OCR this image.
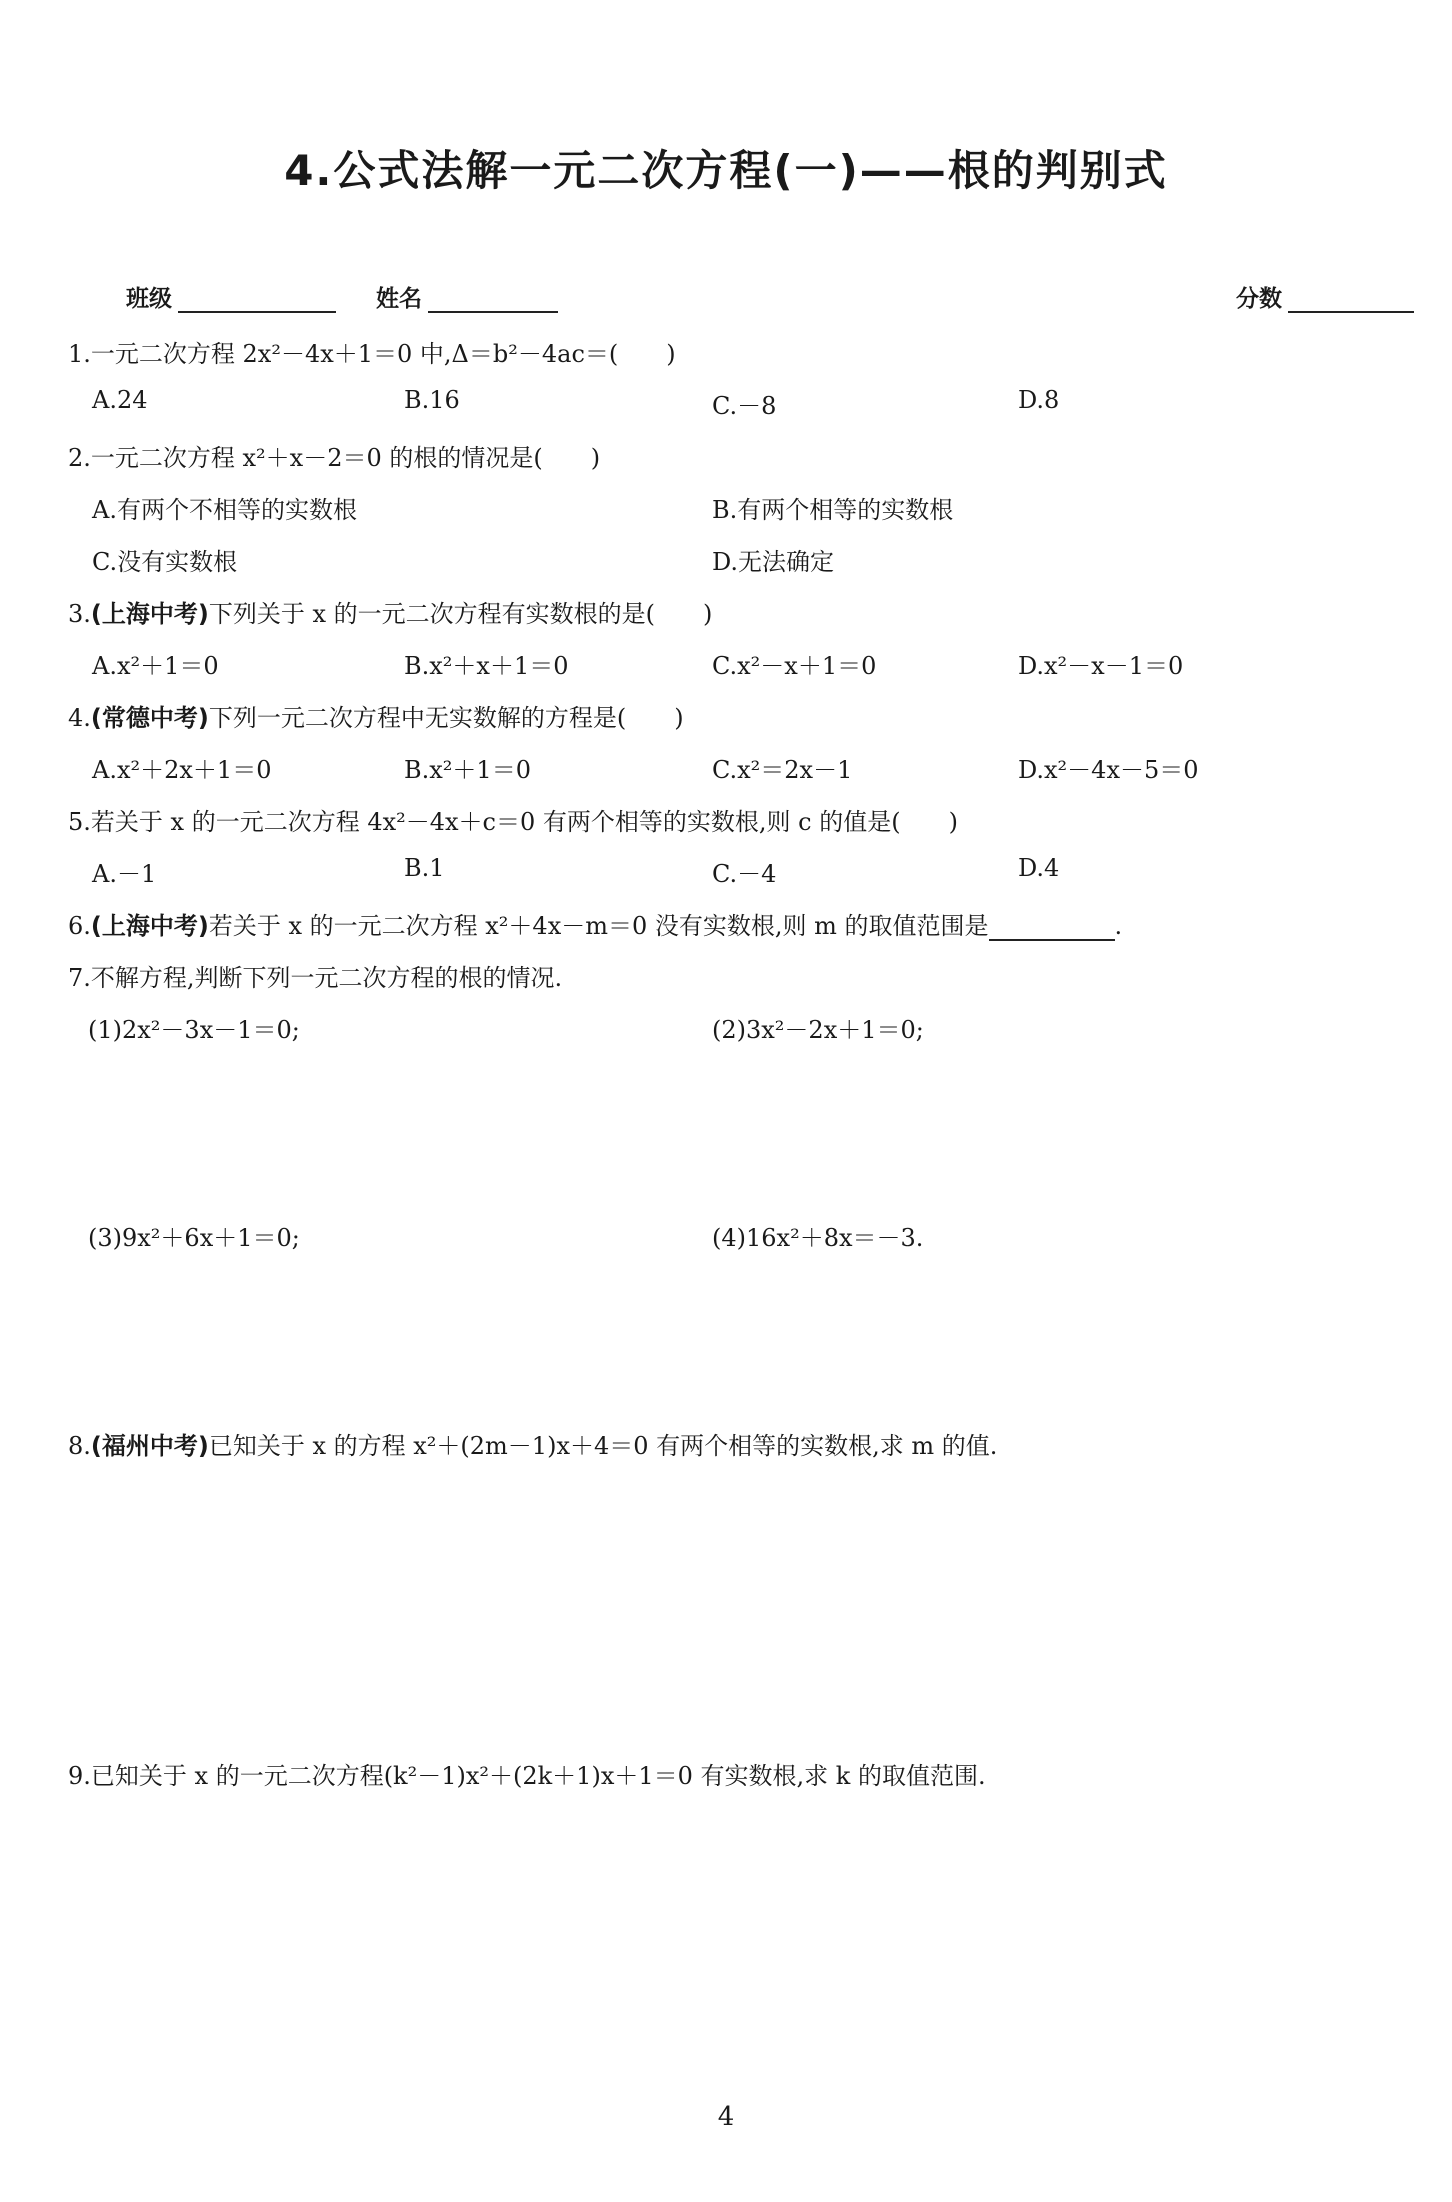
4.公式法解一元二次方程(一)——根的判别式
班级	姓名	分数
1.一元二次方程 2x²－4x＋1＝0 中,Δ＝b²－4ac＝(　　)
A.24	B.16	C.－8	D.8
2.一元二次方程 x²＋x－2＝0 的根的情况是(　　)
A.有两个不相等的实数根	B.有两个相等的实数根
C.没有实数根	D.无法确定
3.(上海中考)下列关于 x 的一元二次方程有实数根的是(　　)
A.x²＋1＝0	B.x²＋x＋1＝0	C.x²－x＋1＝0	D.x²－x－1＝0
4.(常德中考)下列一元二次方程中无实数解的方程是(　　)
A.x²＋2x＋1＝0	B.x²＋1＝0	C.x²＝2x－1	D.x²－4x－5＝0
5.若关于 x 的一元二次方程 4x²－4x＋c＝0 有两个相等的实数根,则 c 的值是(　　)
A.－1	B.1	C.－4	D.4
6.(上海中考)若关于 x 的一元二次方程 x²＋4x－m＝0 没有实数根,则 m 的取值范围是	.
7.不解方程,判断下列一元二次方程的根的情况.
(1)2x²－3x－1＝0;	(2)3x²－2x＋1＝0;
(3)9x²＋6x＋1＝0;	(4)16x²＋8x＝－3.
8.(福州中考)已知关于 x 的方程 x²＋(2m－1)x＋4＝0 有两个相等的实数根,求 m 的值.
9.已知关于 x 的一元二次方程(k²－1)x²＋(2k＋1)x＋1＝0 有实数根,求 k 的取值范围.
4
